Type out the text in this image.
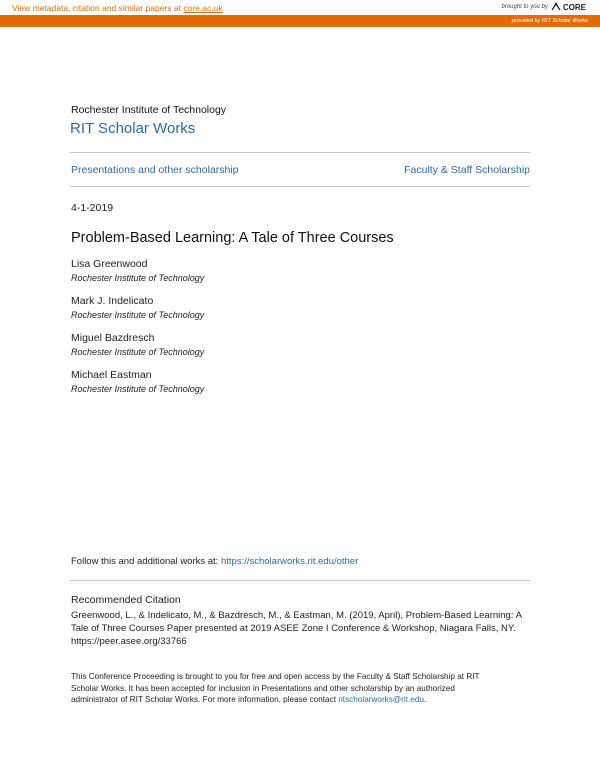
View metadata, citation and similar papers at core.ac.uk	brought to you by CORE
provided by RIT Scholar Works
Rochester Institute of Technology
RIT Scholar Works
Presentations and other scholarship	Faculty & Staff Scholarship
4-1-2019
Problem-Based Learning: A Tale of Three Courses
Lisa Greenwood
Rochester Institute of Technology
Mark J. Indelicato
Rochester Institute of Technology
Miguel Bazdresch
Rochester Institute of Technology
Michael Eastman
Rochester Institute of Technology
Follow this and additional works at: https://scholarworks.rit.edu/other
Recommended Citation
Greenwood, L., & Indelicato, M., & Bazdresch, M., & Eastman, M. (2019, April), Problem-Based Learning: A
Tale of Three Courses Paper presented at 2019 ASEE Zone I Conference & Workshop, Niagara Falls, NY.
https://peer.asee.org/33766
This Conference Proceeding is brought to you for free and open access by the Faculty & Staff Scholarship at RIT
Scholar Works. It has been accepted for inclusion in Presentations and other scholarship by an authorized
administrator of RIT Scholar Works. For more information, please contact ritscholarworks@rit.edu.
